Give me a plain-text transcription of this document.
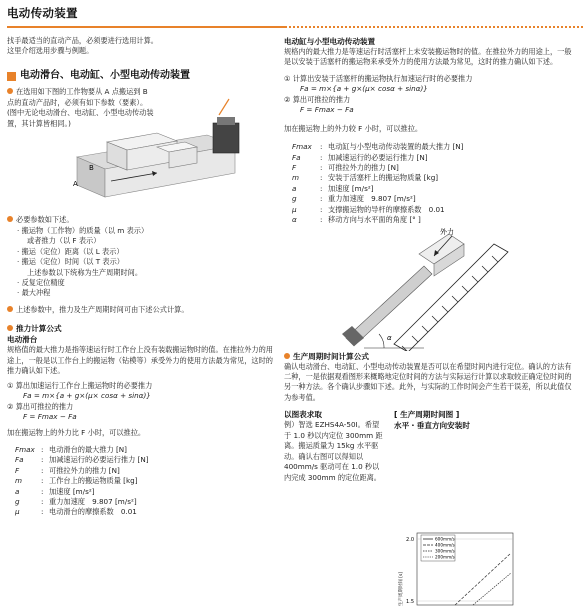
电动传动装置

找手最适当的直动产品，必须要进行选用计算。

这里介绍选用步骤与例题。

电动滑台、电动缸、小型电动传动装置

在选用如下图的工作物要从 A 点搬运到 B 点的直动产品时，必须有如下参数（要素）。(图中无论电动滑台、电动缸、小型电动传动装置，其计算皆相同。)

A
B

必要参数如下述。

· 搬运物（工作物）的质量（以 m 表示）

或者推力（以 F 表示）

· 搬运（定位）距离（以 L 表示）

· 搬运（定位）时间（以 T 表示）

上述参数以下统称为生产周期时间。

· 反复定位精度

· 最大冲程

上述参数中，推力及生产周期时间可由下述公式计算。

推力计算公式

电动滑台

规格值的最大推力是指等速运行时工作台上没有装载搬运物时的值。在推拉外力的用途上，一般是以工作台上的搬运物（钻模等）承受外力的使用方法最为常见，这时的推力确认如下述。

① 算出加速运行工作台上搬运物时的必要推力

Fa = m×{a + g×(μ× cosα + sinα)}

② 算出可推拉的推力

F = Fmax − Fa

加在搬运物上的外力比 F 小时，可以推拉。

Fmax : 电动滑台的最大推力 [N]
Fa	: 加减速运行的必要运行推力 [N]
F	: 可推拉外力的推力 [N]
m	: 工作台上的搬运物质量 [kg]
a	: 加速度 [m/s²]
g	: 重力加速度　9.807 [m/s²]
μ	: 电动滑台的摩擦系数　0.01

电动缸与小型电动传动装置

规格内的最大推力是等速运行时活塞杆上未安装搬运物时的值。在推拉外力的用途上，一般是以安装于活塞杆的搬运物来承受外力的使用方法最为常见，这时的推力确认如下述。

① 计算出安装于活塞杆的搬运物执行加速运行时的必要推力

Fa = m×{a + g×(μ× cosα + sinα)}

② 算出可推拉的推力

F = Fmax − Fa

加在搬运物上的外力较 F 小时，可以推拉。

Fmax	: 电动缸与小型电动传动装置的最大推力 [N]
Fa	: 加减速运行的必要运行推力 [N]
F	: 可推拉外力的推力 [N]
m	: 安装于活塞杆上的搬运物质量 [kg]
a	: 加速度 [m/s²]
g	: 重力加速度　9.807 [m/s²]
μ	: 支撑搬运物的导杆的摩擦系数　0.01
α	: 移动方向与水平面的角度 [° ]
外力
α

生产周期时间计算公式

确认电动滑台、电动缸、小型电动传动装置是否可以在希望时间内进行定位。确认的方法有二种，一是依据观看图形来概略地定位时间的方法与实际运行计算以求取较正确定位时间的另一种方法。各个确认步骤如下述。此外，与实际的工作时间会产生若干误差，所以此值仅为参考值。

以图表求取

例）智选 EZHS4A-50I。希望于 1.0 秒以内定位 300mm 距离。搬运质量为 15kg 水平驱动。确认右图可以得知以 400mm/s 驱动可在 1.0 秒以内完成 300mm 的定位距离。

[ 生产周期时间图 ]

水平・垂直方向安装时

2.0
1.5
生产周期时间 [s]
600mm/s
400mm/s
300mm/s
200mm/s
